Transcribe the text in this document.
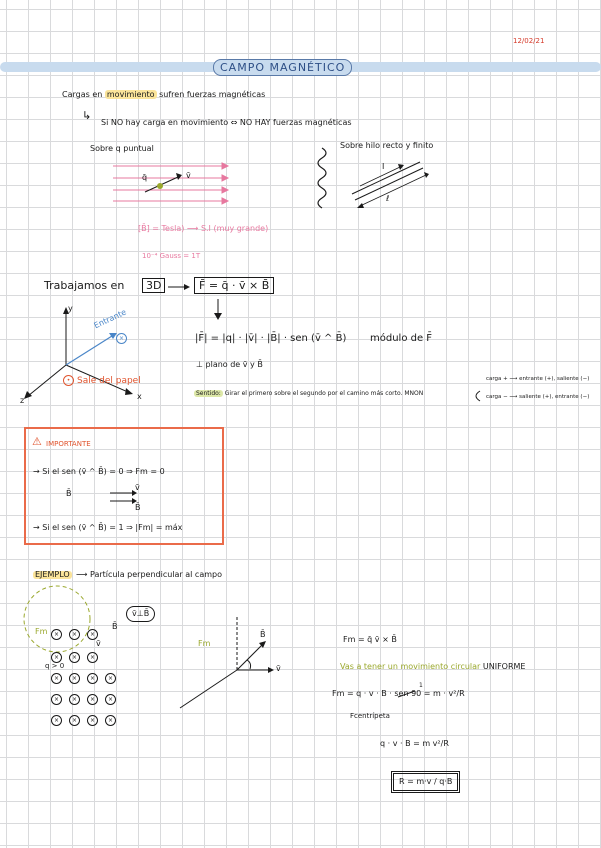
12/02/21
CAMPO MAGNÉTICO
Cargas en movimiento sufren fuerzas magnéticas
↳
Si NO hay carga en movimiento ⇔ NO HAY fuerzas magnéticas
Sobre q puntual	Sobre hilo recto y finito
q̄	v̄
I
ℓ
[B̄] = Tesla) ⟶ S.I (muy grande)
10⁻⁴ Gauss = 1T
Trabajamos en	3D	F̄ = q̄ · v̄ × B̄
|F̄| = |q| · |v̄| · |B̄| · sen (v̄ ^ B̄) módulo de F̄
⊥ plano de v̄ y B̄
Sentido: Girar el primero sobre el segundo por el camino más corto. MNON
carga + ⟶ entrante (+), saliente (−)
carga − ⟶ saliente (+), entrante (−)
y
x
z
Entrante
×
• Sale del papel
⚠ IMPORTANTE
→ Si el sen (v̄ ^ B̄) = 0 ⇒ Fm = 0
B̄
v̄
B̄
→ Si el sen (v̄ ^ B̄) = 1 ⇒ |Fm| = máx
EJEMPLO ⟶ Partícula perpendicular al campo
v̄⊥B̄
Fm
B̄
v̄
q > 0
×	×	×
×	×	×
×	×	×	×
×	×	×	×
×	×	×	×
Fm
B̄
v̄
Fm = q̄ v̄ × B̄
Vas a tener un movimiento circular UNIFORME
Fm = q · v · B · sen 90 = m · v²/R
1
Fcentrípeta
q · v · B = m v²/R
R = m·v / q·B
